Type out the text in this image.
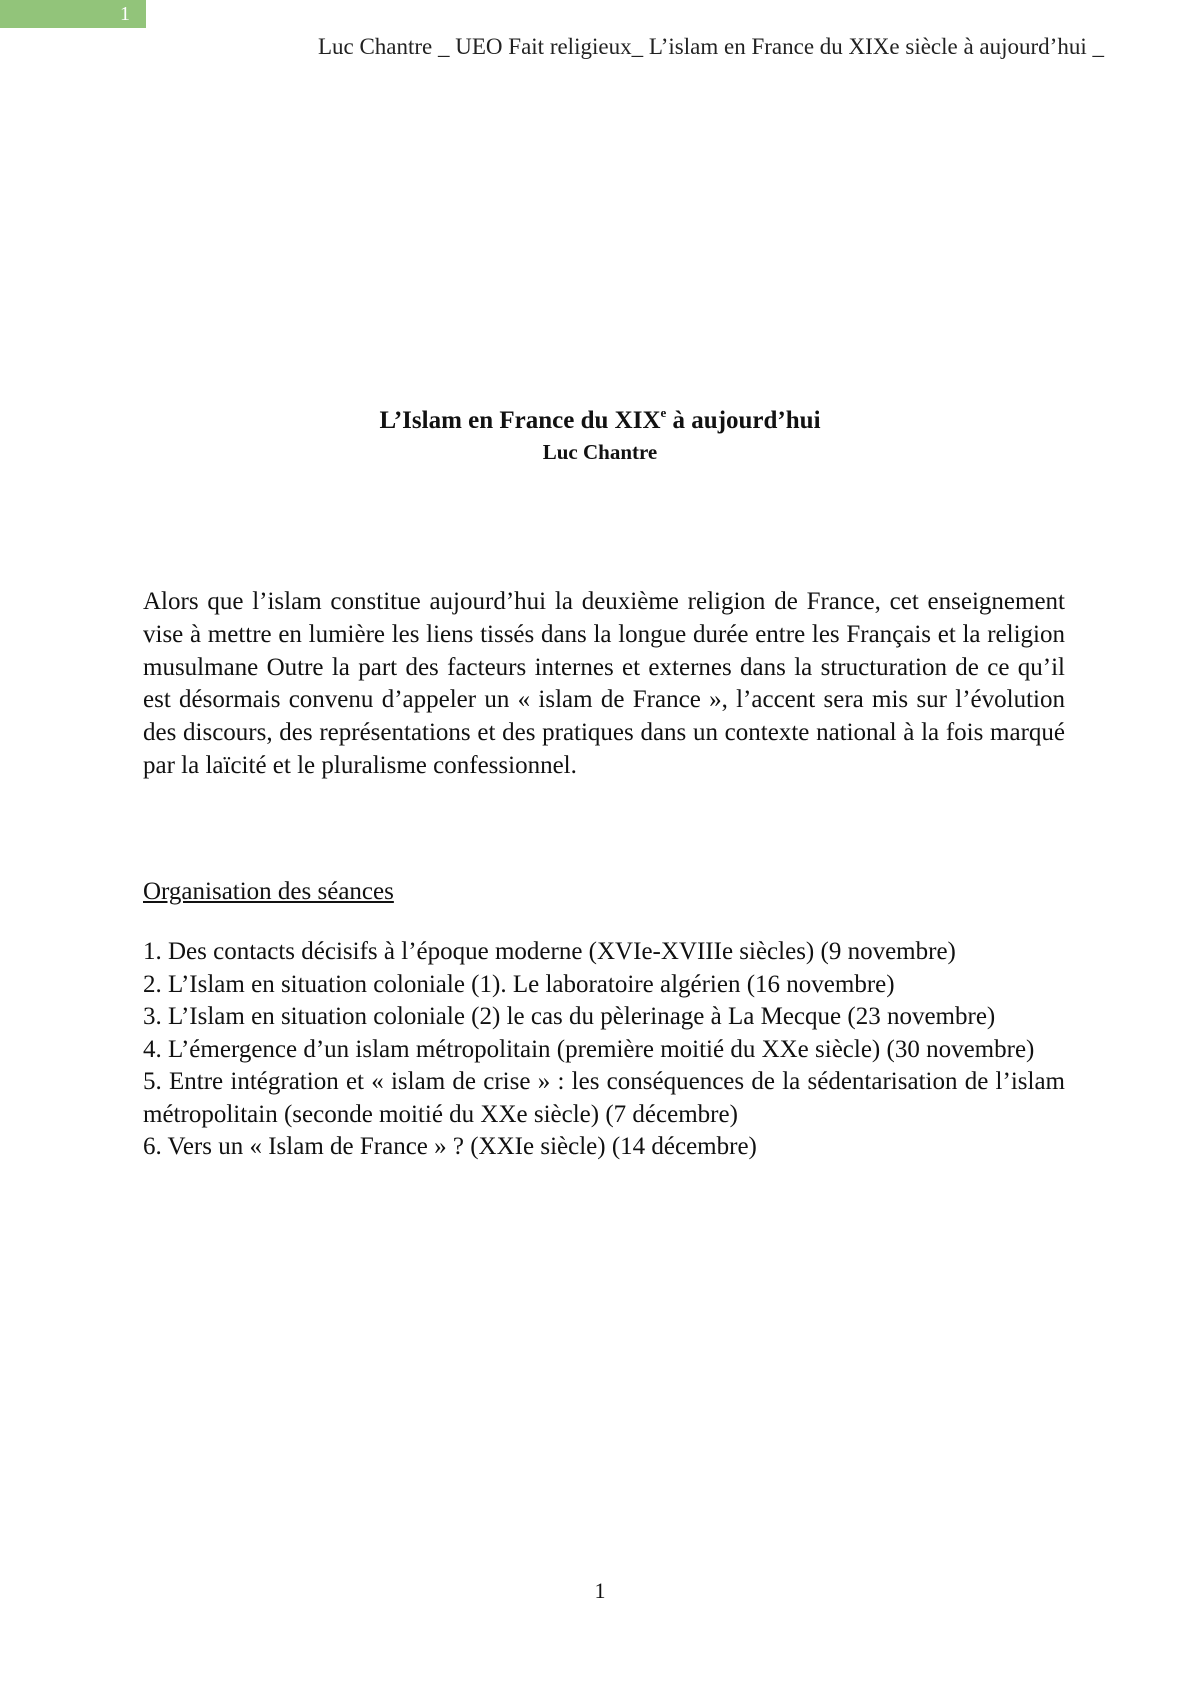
1
Luc Chantre _ UEO Fait religieux_ L’islam en France du XIXe siècle à aujourd’hui _

L’Islam en France du XIXe à aujourd’hui

Luc Chantre

Alors que l’islam constitue aujourd’hui la deuxième religion de France, cet enseignement vise à mettre en lumière les liens tissés dans la longue durée entre les Français et la religion musulmane Outre la part des facteurs internes et externes dans la structuration de ce qu’il est désormais convenu d’appeler un « islam de France », l’accent sera mis sur l’évolution des discours, des représentations et des pratiques dans un contexte national à la fois marqué par la laïcité et le pluralisme confessionnel.

Organisation des séances

1. Des contacts décisifs à l’époque moderne (XVIe-XVIIIe siècles) (9 novembre)
2. L’Islam en situation coloniale (1). Le laboratoire algérien (16 novembre)
3. L’Islam en situation coloniale (2) le cas du pèlerinage à La Mecque (23 novembre)
4. L’émergence d’un islam métropolitain (première moitié du XXe siècle) (30 novembre)
5. Entre intégration et « islam de crise » : les conséquences de la sédentarisation de l’islam métropolitain (seconde moitié du XXe siècle) (7 décembre)
6. Vers un « Islam de France » ? (XXIe siècle) (14 décembre)
1
